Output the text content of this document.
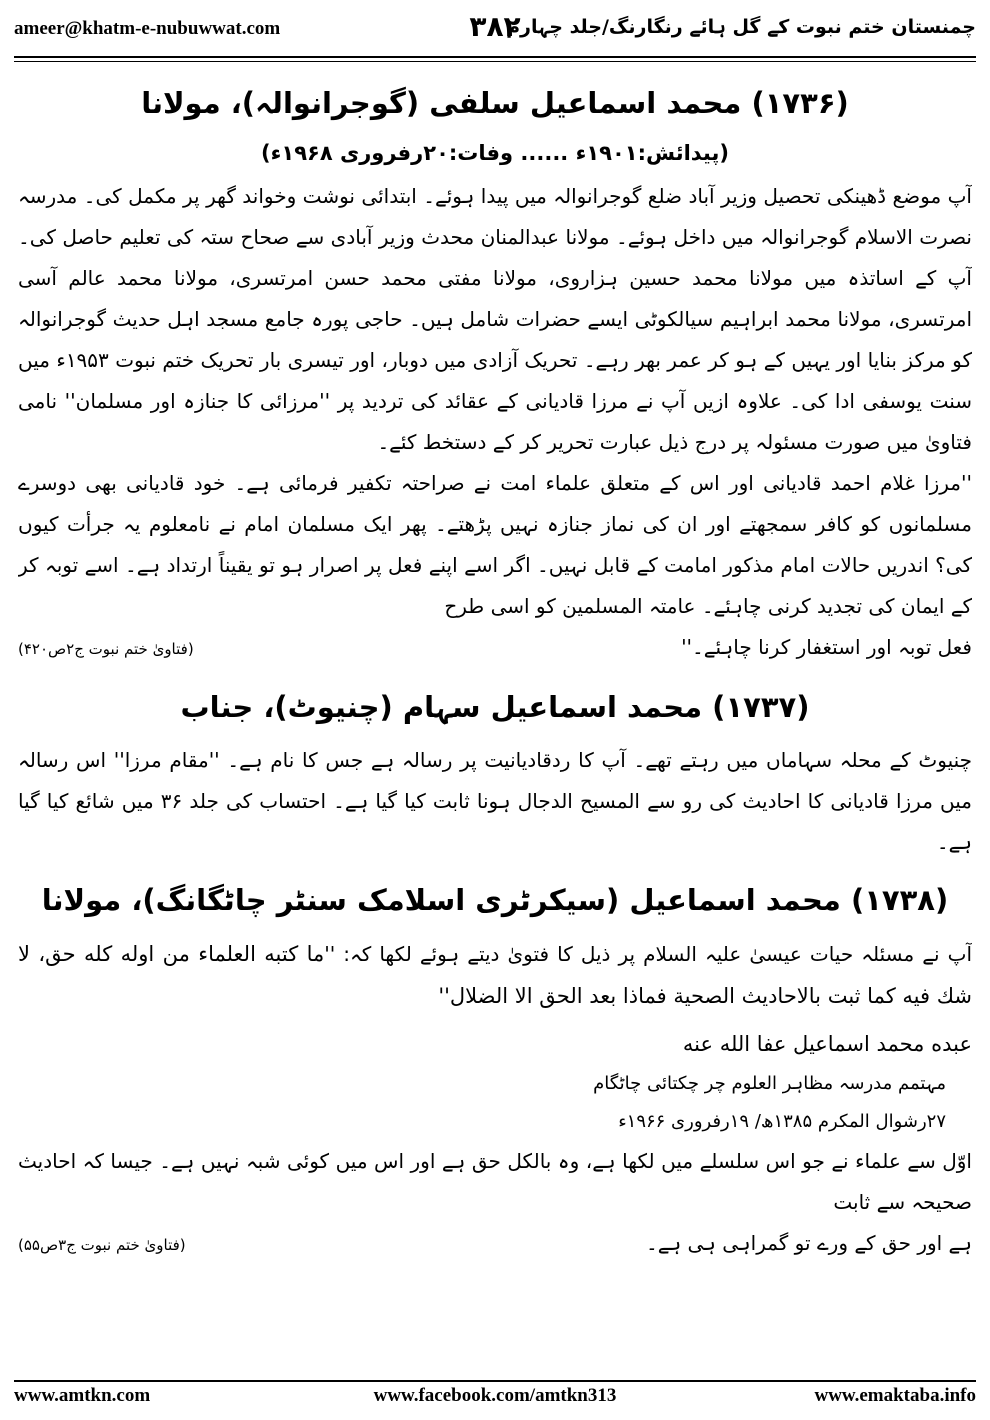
ameer@khatm-e-nubuwwat.com	۳۸۲
چمنستان ختم نبوت کے گل ہائے رنگارنگ/جلد چہارم
(۱۷۳۶) محمد اسماعیل سلفی (گوجرانوالہ)، مولانا
(پیدائش:۱۹۰۱ء ...... وفات:۲۰رفروری ۱۹۶۸ء)

آپ موضع ڈھینکی تحصیل وزیر آباد ضلع گوجرانوالہ میں پیدا ہوئے۔ ابتدائی نوشت وخواند گھر پر مکمل کی۔ مدرسہ نصرت الاسلام گوجرانوالہ میں داخل ہوئے۔ مولانا عبدالمنان محدث وزیر آبادی سے صحاح ستہ کی تعلیم حاصل کی۔ آپ کے اساتذہ میں مولانا محمد حسین ہزاروی، مولانا مفتی محمد حسن امرتسری، مولانا محمد عالم آسی امرتسری، مولانا محمد ابراہیم سیالکوٹی ایسے حضرات شامل ہیں۔ حاجی پورہ جامع مسجد اہل حدیث گوجرانوالہ کو مرکز بنایا اور یہیں کے ہو کر عمر بھر رہے۔ تحریک آزادی میں دوبار، اور تیسری بار تحریک ختم نبوت ۱۹۵۳ء میں سنت یوسفی ادا کی۔ علاوہ ازیں آپ نے مرزا قادیانی کے عقائد کی تردید پر ''مرزائی کا جنازہ اور مسلمان'' نامی فتاویٰ میں صورت مسئولہ پر درج ذیل عبارت تحریر کر کے دستخط کئے۔

''مرزا غلام احمد قادیانی اور اس کے متعلق علماء امت نے صراحتہ تکفیر فرمائی ہے۔ خود قادیانی بھی دوسرے مسلمانوں کو کافر سمجھتے اور ان کی نماز جنازہ نہیں پڑھتے۔ پھر ایک مسلمان امام نے نامعلوم یہ جرأت کیوں کی؟ اندریں حالات امام مذکور امامت کے قابل نہیں۔ اگر اسے اپنے فعل پر اصرار ہو تو یقیناً ارتداد ہے۔ اسے توبہ کر کے ایمان کی تجدید کرنی چاہئے۔ عامتہ المسلمین کو اسی طرح

فعل توبہ اور استغفار کرنا چاہئے۔''
(فتاویٰ ختم نبوت ج۲ص۴۲۰)
(۱۷۳۷) محمد اسماعیل سہام (چنیوٹ)، جناب

چنیوٹ کے محلہ سہاماں میں رہتے تھے۔ آپ کا ردقادیانیت پر رسالہ ہے جس کا نام ہے۔ ''مقام مرزا'' اس رسالہ میں مرزا قادیانی کا احادیث کی رو سے المسیح الدجال ہونا ثابت کیا گیا ہے۔ احتساب کی جلد ۳۶ میں شائع کیا گیا ہے۔

(۱۷۳۸) محمد اسماعیل (سیکرٹری اسلامک سنٹر چاٹگانگ)، مولانا

آپ نے مسئلہ حیات عیسیٰ علیہ السلام پر ذیل کا فتویٰ دیتے ہوئے لکھا کہ: ''ما كتبه العلماء من اوله كله حق، لا شك فيه كما ثبت بالاحاديث الصحية فماذا بعد الحق الا الضلال''

عبده محمد اسماعيل عفا الله عنه
مہتمم مدرسہ مظاہر العلوم چر چکتائی چاٹگام
۲۷رشوال المکرم ۱۳۸۵ھ/ ۱۹رفروری ۱۹۶۶ء

اوّل سے علماء نے جو اس سلسلے میں لکھا ہے، وہ بالکل حق ہے اور اس میں کوئی شبہ نہیں ہے۔ جیسا کہ احادیث صحیحہ سے ثابت

ہے اور حق کے ورے تو گمراہی ہی ہے۔
(فتاویٰ ختم نبوت ج۳ص۵۵)
www.amtkn.com	www.facebook.com/amtkn313	www.emaktaba.info
